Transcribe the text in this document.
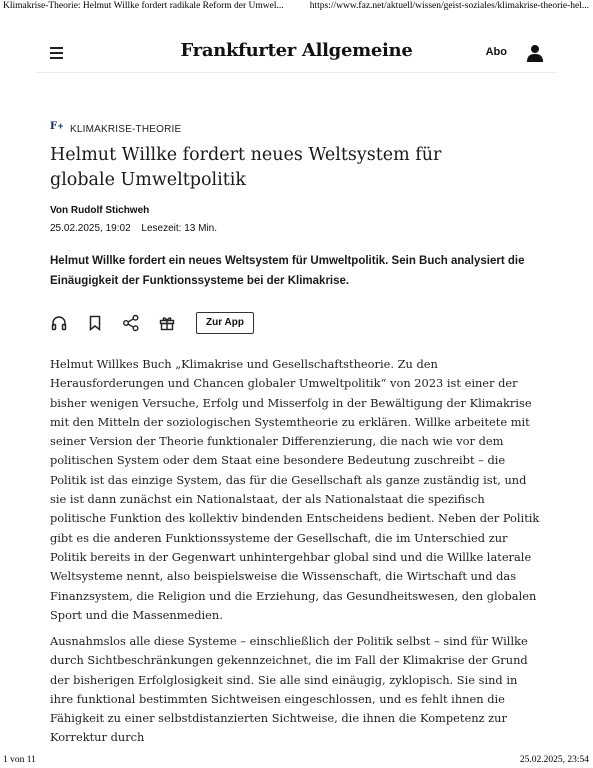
Klimakrise-Theorie: Helmut Willke fordert radikale Reform der Umwel...	https://www.faz.net/aktuell/wissen/geist-soziales/klimakrise-theorie-hel...
Frankfurter Allgemeine	Abo
F + KLIMAKRISE-THEORIE
Helmut Willke fordert neues Weltsystem für globale Umweltpolitik
Von Rudolf Stichweh
25.02.2025, 19:02 Lesezeit: 13 Min.

Helmut Willke fordert ein neues Weltsystem für Umweltpolitik. Sein Buch analysiert die Einäugigkeit der Funktionssysteme bei der Klimakrise.

Zur App

Helmut Willkes Buch „Klimakrise und Gesellschaftstheorie. Zu den Herausforderungen und Chancen globaler Umweltpolitik“ von 2023 ist einer der bisher wenigen Versuche, Erfolg und Misserfolg in der Bewältigung der Klimakrise mit den Mitteln der soziologischen Systemtheorie zu erklären. Willke arbeitete mit seiner Version der Theorie funktionaler Differenzierung, die nach wie vor dem politischen System oder dem Staat eine besondere Bedeutung zuschreibt – die Politik ist das einzige System, das für die Gesellschaft als ganze zuständig ist, und sie ist dann zunächst ein Nationalstaat, der als Nationalstaat die spezifisch politische Funktion des kollektiv bindenden Entscheidens bedient. Neben der Politik gibt es die anderen Funktionssysteme der Gesellschaft, die im Unterschied zur Politik bereits in der Gegenwart unhintergehbar global sind und die Willke laterale Weltsysteme nennt, also beispielsweise die Wissenschaft, die Wirtschaft und das Finanzsystem, die Religion und die Erziehung, das Gesundheitswesen, den globalen Sport und die Massenmedien.

Ausnahmslos alle diese Systeme – einschließlich der Politik selbst – sind für Willke durch Sichtbeschränkungen gekennzeichnet, die im Fall der Klimakrise der Grund der bisherigen Erfolglosigkeit sind. Sie alle sind einäugig, zyklopisch. Sie sind in ihre funktional bestimmten Sichtweisen eingeschlossen, und es fehlt ihnen die Fähigkeit zu einer selbstdistanzierten Sichtweise, die ihnen die Kompetenz zur Korrektur durch

1 von 11	25.02.2025, 23:54
